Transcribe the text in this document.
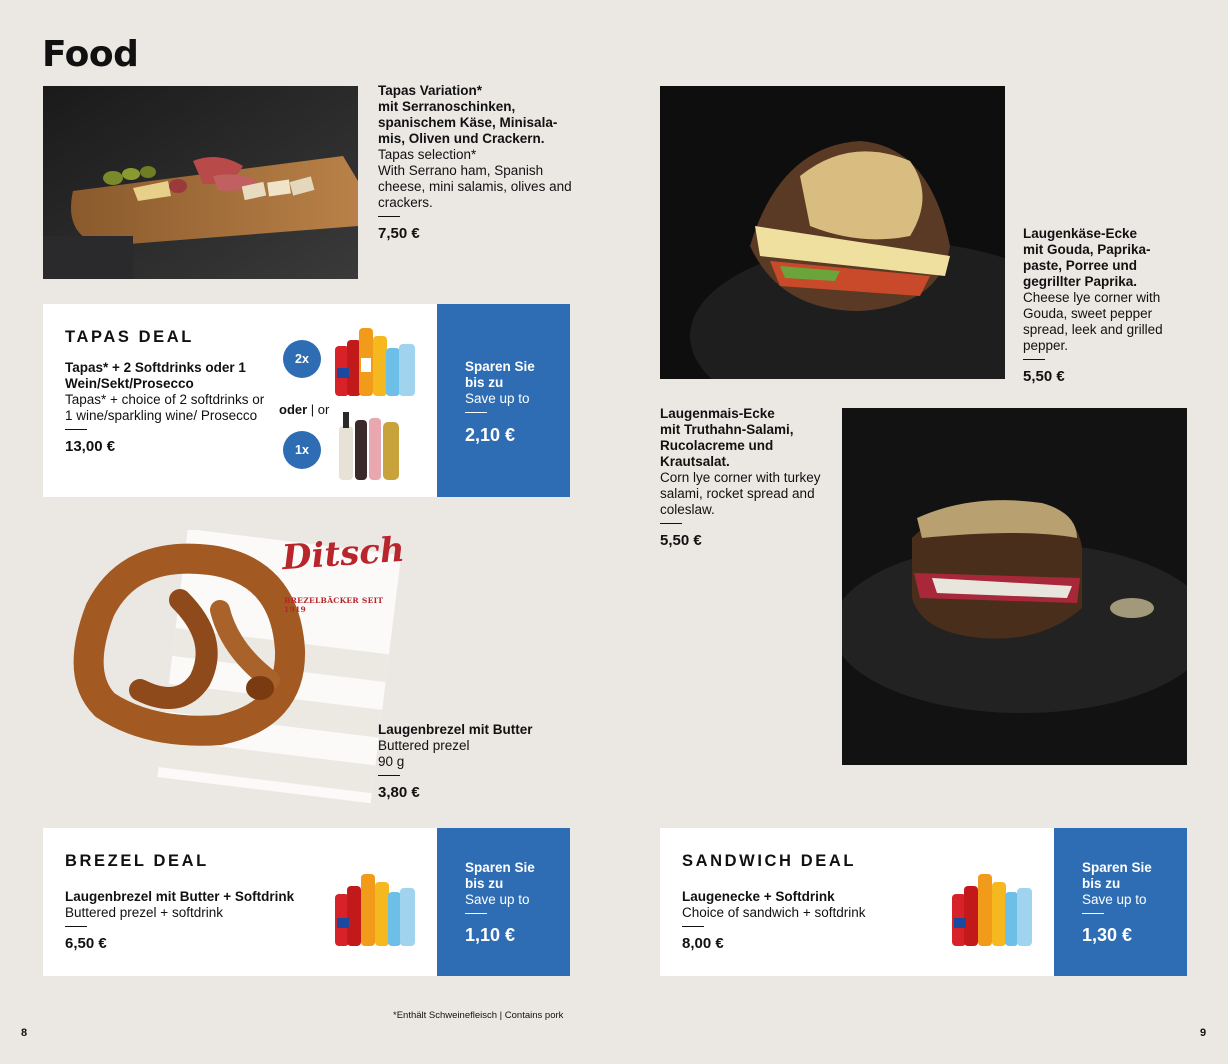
Food
Tapas Variation*
mit Serranoschinken, spanischem Käse, Minisala-mis, Oliven und Crackern.
Tapas selection*
With Serrano ham, Spanish cheese, mini salamis, olives and crackers.
7,50 €
TAPAS DEAL
Tapas* + 2 Softdrinks oder 1 Wein/Sekt/Prosecco
Tapas* + choice of 2 softdrinks or 1 wine/sparkling wine/ Prosecco
13,00 €
2x
oder | or
1x
Sparen Sie
bis zu
Save up to
2,10 €
Ditsch
BREZELBÄCKER SEIT 1919
Laugenbrezel mit Butter
Buttered prezel
90 g
3,80 €
BREZEL DEAL
Laugenbrezel mit Butter + Softdrink
Buttered prezel + softdrink
6,50 €
Sparen Sie
bis zu
Save up to
1,10 €
Laugenkäse-Ecke
mit Gouda, Paprika-paste, Porree und gegrillter Paprika.
Cheese lye corner with Gouda, sweet pepper spread, leek and grilled pepper.
5,50 €
Laugenmais-Ecke
mit Truthahn-Salami, Rucolacreme und Krautsalat.
Corn lye corner with turkey salami, rocket spread and coleslaw.
5,50 €
SANDWICH DEAL
Laugenecke + Softdrink
Choice of sandwich + softdrink
8,00 €
Sparen Sie
bis zu
Save up to
1,30 €
*Enthält Schweinefleisch | Contains pork
8	9
